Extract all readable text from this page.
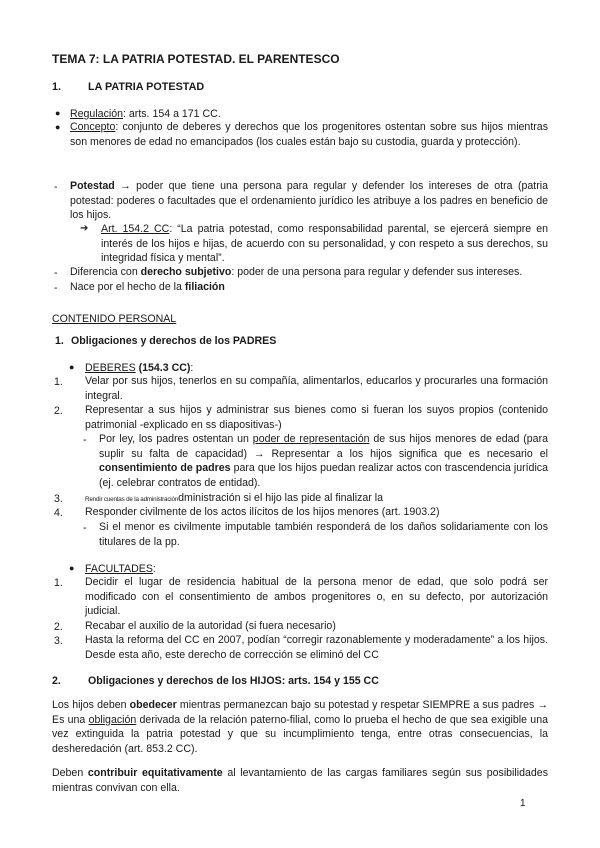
TEMA 7: LA PATRIA POTESTAD. EL PARENTESCO
1. LA PATRIA POTESTAD
● Regulación: arts. 154 a 171 CC.
● Concepto: conjunto de deberes y derechos que los progenitores ostentan sobre sus hijos mientras son menores de edad no emancipados (los cuales están bajo su custodia, guarda y protección).
- Potestad → poder que tiene una persona para regular y defender los intereses de otra (patria potestad: poderes o facultades que el ordenamiento jurídico les atribuye a los padres en beneficio de los hijos.
➔ Art. 154.2 CC: “La patria potestad, como responsabilidad parental, se ejercerá siempre en interés de los hijos e hijas, de acuerdo con su personalidad, y con respeto a sus derechos, su integridad física y mental”.
- Diferencia con derecho subjetivo: poder de una persona para regular y defender sus intereses.
- Nace por el hecho de la filiación
CONTENIDO PERSONAL
1. Obligaciones y derechos de los PADRES
● DEBERES (154.3 CC):
1. Velar por sus hijos, tenerlos en su compañía, alimentarlos, educarlos y procurarles una formación integral.
2. Representar a sus hijos y administrar sus bienes como si fueran los suyos propios (contenido patrimonial -explicado en ss diapositivas-)
- Por ley, los padres ostentan un poder de representación de sus hijos menores de edad (para suplir su falta de capacidad) → Representar a los hijos significa que es necesario el consentimiento de padres para que los hijos puedan realizar actos con trascendencia jurídica (ej. celebrar contratos de entidad).
3.	Rendir cuentas de la administracióndministración si el hijo las pide al finalizar la
4. Responder civilmente de los actos ilícitos de los hijos menores (art. 1903.2)
- Si el menor es civilmente imputable también responderá de los daños solidariamente con los titulares de la pp.
● FACULTADES:
1. Decidir el lugar de residencia habitual de la persona menor de edad, que solo podrá ser modificado con el consentimiento de ambos progenitores o, en su defecto, por autorización judicial.
2. Recabar el auxilio de la autoridad (si fuera necesario)
3. Hasta la reforma del CC en 2007, podían “corregir razonablemente y moderadamente” a los hijos. Desde esta año, este derecho de corrección se eliminó del CC
2.	Obligaciones y derechos de los HIJOS: arts. 154 y 155 CC
Los hijos deben obedecer mientras permanezcan bajo su potestad y respetar SIEMPRE a sus padres → Es una obligación derivada de la relación paterno-filial, como lo prueba el hecho de que sea exigible una vez extinguida la patria potestad y que su incumplimiento tenga, entre otras consecuencias, la desheredación (art. 853.2 CC).
Deben contribuir equitativamente al levantamiento de las cargas familiares según sus posibilidades mientras convivan con ella.
1
